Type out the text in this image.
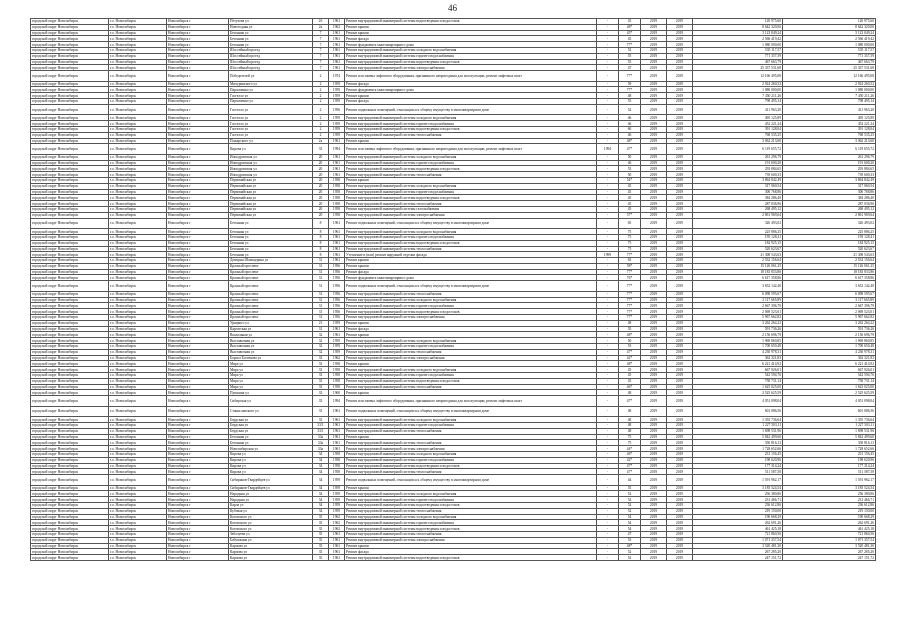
46
городской округ Новосибирск	г.о. Новосибирск	Новосибирск г	Петухова ул	2б	1961	Ремонт внутридомовой инженерной системы водоотведения и водостоков	-	45	2019	2019	120 975,60	120 975,60
городской округ Новосибирск	г.о. Новосибирск	Новосибирск г	Новогодняя ул	2а	1962	Ремонт крыши	-	48*	2019	2019	8 642 320,06	8 642 320,06
городской округ Новосибирск	г.о. Новосибирск	Новосибирск г	Бетонная ул	7	1961	Ремонт крыши	-	45*	2019	2019	3 123 049,24	3 123 049,24
городской округ Новосибирск	г.о. Новосибирск	Новосибирск г	Бетонная ул	7	1961	Ремонт фасада	-	45	2019	2019	2 566 419,42	2 566 419,42
городской округ Новосибирск	г.о. Новосибирск	Новосибирск г	Бетонная ул	7	1961	Ремонт фундамента многоквартирного дома	-	77*	2019	2019	1 080 000,00	1 080 000,00
городской округ Новосибирск	г.о. Новосибирск	Новосибирск г	Шоссейный проезд	7	1961	Ремонт внутридомовой инженерной системы холодного водоснабжения	-	52	2019	2019	535 117,57	535 117,57
городской округ Новосибирск	г.о. Новосибирск	Новосибирск г	Шоссейный проезд	7	1961	Ремонт внутридомовой инженерной системы горячего водоснабжения	-	55	2019	2019	771 357,59	771 357,59
городской округ Новосибирск	г.о. Новосибирск	Новосибирск г	Шоссейный проезд	7	1961	Ремонт внутридомовой инженерной системы водоотведения и водостоков	-	53	2019	2019	467 663,79	467 663,79
городской округ Новосибирск	г.о. Новосибирск	Новосибирск г	Шоссейный проезд	7	1961	Ремонт внутридомовой инженерной системы электроснабжения	-	47	2019	2019	25 337 531,68	25 337 531,68
городской округ Новосибирск	г.о. Новосибирск	Новосибирск г	Победителей ул	2	1974	Ремонт или замена лифтового оборудования, признанного непригодным для эксплуатации, ремонт лифтовых шахт	-	77*	2019	2019	12 166 495,08	12 166 495,08
городской округ Новосибирск	г.о. Новосибирск	Новосибирск г	Мичуринского ул	2	1959	Ремонт фасада	-	59	2019	2019	2 924 260,52	2 924 260,52
городской округ Новосибирск	г.о. Новосибирск	Новосибирск г	Пархоменко ул	2	1959	Ремонт фундамента многоквартирного дома	-	77*	2019	2019	1 080 000,00	1 080 000,00
городской округ Новосибирск	г.о. Новосибирск	Новосибирск г	Гастелло ул	2	1959	Ремонт крыши	-	48	2019	2019	7 450 211,26	7 450 211,26
городской округ Новосибирск	г.о. Новосибирск	Новосибирск г	Пархоменко ул	2	1959	Ремонт фасада	-	55	2019	2019	798 495,14	798 495,14
городской округ Новосибирск	г.о. Новосибирск	Новосибирск г	Гастелло ул	2	1956	Ремонт подвальных помещений, относящихся к общему имуществу в многоквартирном доме	-	52	2019	2019	411 963,20	411 963,20
городской округ Новосибирск	г.о. Новосибирск	Новосибирск г	Гастелло ул	2	1959	Ремонт внутридомовой инженерной системы холодного водоснабжения	-	46	2019	2019	495 125,89	495 125,89
городской округ Новосибирск	г.о. Новосибирск	Новосибирск г	Гастелло ул	2	1959	Ремонт внутридомовой инженерной системы горячего водоснабжения	-	46	2019	2019	452 221,24	452 221,24
городской округ Новосибирск	г.о. Новосибирск	Новосибирск г	Гастелло ул	2	1959	Ремонт внутридомовой инженерной системы водоотведения и водостоков	-	60	2019	2019	391 128,04	391 128,04
городской округ Новосибирск	г.о. Новосибирск	Новосибирск г	Гастелло ул	2	1959	Ремонт внутридомовой инженерной системы теплоснабжения	-	46	2019	2019	768 535,25	768 535,25
городской округ Новосибирск	г.о. Новосибирск	Новосибирск г	Пожарского ул	2а	1961	Ремонт крыши	-	48*	2019	2019	3 062 213,60	3 062 213,60
городской округ Новосибирск	г.о. Новосибирск	Новосибирск г	Кирова ул	33	1994	Ремонт или замена лифтового оборудования, признанного непригодным для эксплуатации, ремонт лифтовых шахт	1994	47*	2019	2019	6 119 655,72	6 119 655,72
городской округ Новосибирск	г.о. Новосибирск	Новосибирск г	Ипподромская ул	20	1961	Ремонт внутридомовой инженерной системы холодного водоснабжения	-	50	2019	2019	261 296,79	261 296,79
городской округ Новосибирск	г.о. Новосибирск	Новосибирск г	Ипподромская ул	20	1961	Ремонт внутридомовой инженерной системы горячего водоснабжения	-	46	2019	2019	191 600,20	191 600,20
городской округ Новосибирск	г.о. Новосибирск	Новосибирск г	Ипподромская ул	20	1961	Ремонт внутридомовой инженерной системы водоотведения и водостоков	-	53	2019	2019	293 884,65	293 884,65
городской округ Новосибирск	г.о. Новосибирск	Новосибирск г	Ипподромская ул	20	1961	Ремонт внутридомовой инженерной системы теплоснабжения	-	50	2019	2019	739 600,33	739 600,33
городской округ Новосибирск	г.о. Новосибирск	Новосибирск г	Первомайская ул	20	1958	Ремонт крыши	-	54*	2019	2019	3 864 842,49	3 864 842,49
городской округ Новосибирск	г.о. Новосибирск	Новосибирск г	Первомайская ул	20	1958	Ремонт внутридомовой инженерной системы холодного водоснабжения	-	45	2019	2019	317 060,54	317 060,54
городской округ Новосибирск	г.о. Новосибирск	Новосибирск г	Первомайская ул	20	1958	Ремонт внутридомовой инженерной системы горячего водоснабжения	-	45	2019	2019	300 768,86	300 768,86
городской округ Новосибирск	г.о. Новосибирск	Новосибирск г	Первомайская ул	20	1958	Ремонт внутридомовой инженерной системы водоотведения и водостоков	-	45	2019	2019	384 286,40	384 286,40
городской округ Новосибирск	г.о. Новосибирск	Новосибирск г	Первомайская ул	20	1958	Ремонт внутридомовой инженерной системы теплоснабжения	-	45	2019	2019	287 036,96	287 036,96
городской округ Новосибирск	г.о. Новосибирск	Новосибирск г	Первомайская ул	20	1958	Ремонт внутридомовой инженерной системы газоснабжения	-	45	2019	2019	268 495,12	268 495,12
городской округ Новосибирск	г.о. Новосибирск	Новосибирск г	Первомайская ул	20	1958	Ремонт внутридомовой инженерной системы электроснабжения	-	57*	2019	2019	2 861 969,64	2 861 969,64
городской округ Новосибирск	г.о. Новосибирск	Новосибирск г	Бетонная ул	8	1961	Ремонт подвальных помещений, относящихся к общему имуществу в многоквартирном доме	-	65	2019	2019	326 493,02	326 493,02
городской округ Новосибирск	г.о. Новосибирск	Новосибирск г	Бетонная ул	8	1961	Ремонт внутридомовой инженерной системы холодного водоснабжения	-	75	2019	2019	225 886,25	225 886,25
городской округ Новосибирск	г.о. Новосибирск	Новосибирск г	Бетонная ул	8	1961	Ремонт внутридомовой инженерной системы горячего водоснабжения	-	75	2019	2019	195 128,41	195 128,41
городской округ Новосибирск	г.о. Новосибирск	Новосибирск г	Бетонная ул	8	1961	Ремонт внутридомовой инженерной системы водоотведения и водостоков	-	75	2019	2019	184 925,15	184 925,15
городской округ Новосибирск	г.о. Новосибирск	Новосибирск г	Бетонная ул	8	1961	Ремонт внутридомовой инженерной системы теплоснабжения	-	75	2019	2019	520 623,67	520 623,67
городской округ Новосибирск	г.о. Новосибирск	Новосибирск г	Бетонная ул	8	1961	Утепление и (или) ремонт наружной отделки фасада	1999	77*	2019	2019	21 308 543,63	21 308 543,63
городской округ Новосибирск	г.о. Новосибирск	Новосибирск г	Дмитрия Шамшурина ул	31	1961	Ремонт крыши	-	65	2019	2019	2 532 156,64	2 532 156,64
городской округ Новосибирск	г.о. Новосибирск	Новосибирск г	Красный проспект	31	1956	Ремонт крыши	-	58*	2019	2019	15 126 061,25	15 126 061,25
городской округ Новосибирск	г.о. Новосибирск	Новосибирск г	Красный проспект	31	1956	Ремонт фасада	-	77*	2019	2019	18 183 833,86	18 183 833,86
городской округ Новосибирск	г.о. Новосибирск	Новосибирск г	Красный проспект	31	1956	Ремонт фундамента многоквартирного дома	-	76*	2019	2019	6 617 358,86	6 617 358,86
городской округ Новосибирск	г.о. Новосибирск	Новосибирск г	Красный проспект	31	1956	Ремонт подвальных помещений, относящихся к общему имуществу в многоквартирном доме	-	77*	2019	2019	3 652 142,40	3 652 142,40
городской округ Новосибирск	г.о. Новосибирск	Новосибирск г	Красный проспект	31	1956	Ремонт внутридомовой инженерной системы теплоснабжения	-	77*	2019	2019	6 098 595,67	6 098 595,67
городской округ Новосибирск	г.о. Новосибирск	Новосибирск г	Красный проспект	31	1956	Ремонт внутридомовой инженерной системы холодного водоснабжения	-	77*	2019	2019	3 117 665,89	3 117 665,89
городской округ Новосибирск	г.о. Новосибирск	Новосибирск г	Красный проспект	31	1956	Ремонт внутридомовой инженерной системы горячего водоснабжения	-	77*	2019	2019	2 667 396,79	2 667 396,79
городской округ Новосибирск	г.о. Новосибирск	Новосибирск г	Красный проспект	31	1956	Ремонт внутридомовой инженерной системы водоотведения и водостоков	-	77*	2019	2019	2 069 523,01	2 069 523,01
городской округ Новосибирск	г.о. Новосибирск	Новосибирск г	Красный проспект	31	1956	Ремонт внутридомовой инженерной системы электроснабжения	-	77*	2019	2019	5 967 662,82	5 967 662,82
городской округ Новосибирск	г.о. Новосибирск	Новосибирск г	Урицкого ул	21	1959	Ремонт крыши	-	48	2019	2019	3 262 264,22	3 262 264,22
городской округ Новосибирск	г.о. Новосибирск	Новосибирск г	Каргатская ул	31	1961	Ремонт фасада	-	55	2019	2019	591 736,26	591 736,26
городской округ Новосибирск	г.о. Новосибирск	Новосибирск г	Вокзальная ул	32	1961	Ремонт крыши	-	48*	2019	2019	2 156 696,79	2 156 696,79
городской округ Новосибирск	г.о. Новосибирск	Новосибирск г	Выставочная ул	32	1959	Ремонт внутридомовой инженерной системы холодного водоснабжения	-	50	2019	2019	1 969 860,85	1 969 860,85
городской округ Новосибирск	г.о. Новосибирск	Новосибирск г	Выставочная ул	32	1959	Ремонт внутридомовой инженерной системы горячего водоснабжения	-	53	2019	2019	1 700 650,48	1 700 650,48
городской округ Новосибирск	г.о. Новосибирск	Новосибирск г	Выставочная ул	32	1959	Ремонт внутридомовой инженерной системы теплоснабжения	-	47*	2019	2019	4 230 978,31	4 230 978,31
городской округ Новосибирск	г.о. Новосибирск	Новосибирск г	Бориса Богаткова ул	33	1962	Ремонт внутридомовой инженерной системы электроснабжения	-	42*	2019	2019	362 321,83	362 321,83
городской округ Новосибирск	г.о. Новосибирск	Новосибирск г	Мира ул	33	1958	Ремонт крыши	-	48*	2019	2019	6 221 414,92	6 221 414,92
городской округ Новосибирск	г.о. Новосибирск	Новосибирск г	Мира ул	33	1958	Ремонт внутридомовой инженерной системы холодного водоснабжения	-	45	2019	2019	667 926,01	667 926,01
городской округ Новосибирск	г.о. Новосибирск	Новосибирск г	Мира ул	33	1958	Ремонт внутридомовой инженерной системы горячего водоснабжения	-	45	2019	2019	542 594,76	542 594,76
городской округ Новосибирск	г.о. Новосибирск	Новосибирск г	Мира ул	33	1958	Ремонт внутридомовой инженерной системы водоотведения и водостоков	-	45	2019	2019	758 731,14	758 731,14
городской округ Новосибирск	г.о. Новосибирск	Новосибирск г	Мира ул	33	1958	Ремонт внутридомовой инженерной системы теплоснабжения	-	46*	2019	2019	1 625 025,00	1 625 025,00
городской округ Новосибирск	г.о. Новосибирск	Новосибирск г	Пушкина ул	33	1960	Ремонт крыши	-	48	2019	2019	2 525 625,59	2 525 625,59
городской округ Новосибирск	г.о. Новосибирск	Новосибирск г	Сибирская ул	33	1994	Ремонт или замена лифтового оборудования, признанного непригодным для эксплуатации, ремонт лифтовых шахт	-	47*	2019	2019	4 051 098,04	4 051 098,04
городской округ Новосибирск	г.о. Новосибирск	Новосибирск г	Станиславского ул	33	1961	Ремонт подвальных помещений, относящихся к общему имуществу в многоквартирном доме	-	48	2019	2019	601 086,56	601 086,56
городской округ Новосибирск	г.о. Новосибирск	Новосибирск г	Бердская ул	33	1961	Ремонт внутридомовой инженерной системы холодного водоснабжения	-	48	2019	2019	1 355 736,64	1 355 736,64
городской округ Новосибирск	г.о. Новосибирск	Новосибирск г	Бердская ул	33/1	1961	Ремонт внутридомовой инженерной системы горячего водоснабжения	-	48	2019	2019	1 227 503,11	1 227 503,11
городской округ Новосибирск	г.о. Новосибирск	Новосибирск г	Бердская ул	33/1	1961	Ремонт внутридомовой инженерной системы теплоснабжения	-	48	2019	2019	1 698 531,96	1 698 531,96
городской округ Новосибирск	г.о. Новосибирск	Новосибирск г	Бетонная ул	33а	1961	Ремонт крыши	-	75	2019	2019	5 842 499,60	5 842 499,60
городской округ Новосибирск	г.о. Новосибирск	Новосибирск г	Бетонная ул	33а	1961	Ремонт внутридомовой инженерной системы теплоснабжения	-	75	2019	2019	350 816,13	350 816,13
городской округ Новосибирск	г.о. Новосибирск	Новосибирск г	Новосибирская ул	33а	1961	Ремонт внутридомовой инженерной системы электроснабжения	-	44*	2019	2019	1 728 652,66	1 728 652,66
городской округ Новосибирск	г.о. Новосибирск	Новосибирск г	Кирова ул	34	1958	Ремонт внутридомовой инженерной системы холодного водоснабжения	-	46*	2019	2019	231 156,45	231 156,45
городской округ Новосибирск	г.о. Новосибирск	Новосибирск г	Кирова ул	34	1958	Ремонт внутридомовой инженерной системы горячего водоснабжения	-	42*	2019	2019	198 620,96	198 620,96
городской округ Новосибирск	г.о. Новосибирск	Новосибирск г	Кирова ул	34	1958	Ремонт внутридомовой инженерной системы водоотведения и водостоков	-	47*	2019	2019	177 314,24	177 314,24
городской округ Новосибирск	г.о. Новосибирск	Новосибирск г	Кирова ул	34	1958	Ремонт внутридомовой инженерной системы теплоснабжения	-	47*	2019	2019	511 587,58	511 587,58
городской округ Новосибирск	г.о. Новосибирск	Новосибирск г	Сибиряков-Гвардейцев ул	34	1959	Ремонт подвальных помещений, относящихся к общему имуществу в многоквартирном доме	-	44	2019	2019	1 591 962,17	1 591 962,17
городской округ Новосибирск	г.о. Новосибирск	Новосибирск г	Сибиряков-Гвардейцев ул	34	1959	Ремонт крыши	-	55	2019	2019	3 185 524,54	3 185 524,54
городской округ Новосибирск	г.о. Новосибирск	Новосибирск г	Народная ул	34	1959	Ремонт внутридомовой инженерной системы холодного водоснабжения	-	52	2019	2019	256 380,86	256 380,86
городской округ Новосибирск	г.о. Новосибирск	Новосибирск г	Народная ул	34	1959	Ремонт внутридомовой инженерной системы горячего водоснабжения	-	52	2019	2019	231 466,71	231 466,71
городской округ Новосибирск	г.о. Новосибирск	Новосибирск г	Карла ул	34	1959	Ремонт внутридомовой инженерной системы водоотведения и водостоков	-	52	2019	2019	236 612,86	236 612,86
городской округ Новосибирск	г.о. Новосибирск	Новосибирск г	Кубовая ул	34	1959	Ремонт внутридомовой инженерной системы теплоснабжения	-	52	2019	2019	219 150,00	219 150,00
городской округ Новосибирск	г.о. Новосибирск	Новосибирск г	Котовского ул	35	1962	Ремонт внутридомовой инженерной системы холодного водоснабжения	-	54	2019	2019	190 668,29	190 668,29
городской округ Новосибирск	г.о. Новосибирск	Новосибирск г	Котовского ул	35	1962	Ремонт внутридомовой инженерной системы горячего водоснабжения	-	54	2019	2019	262 691,26	262 691,26
городской округ Новосибирск	г.о. Новосибирск	Новосибирск г	Котовского ул	35	1962	Ремонт внутридомовой инженерной системы водоотведения и водостоков	-	54	2019	2019	461 425,18	461 425,18
городской округ Новосибирск	г.о. Новосибирск	Новосибирск г	Забалуева ул	35	1961	Ремонт внутридомовой инженерной системы теплоснабжения	-	47	2019	2019	721 860,56	721 860,56
городской округ Новосибирск	г.о. Новосибирск	Новосибирск г	Бабушкина ул	35	1961	Ремонт внутридомовой инженерной системы электроснабжения	-	53	2019	2019	1 071 357,54	1 071 357,54
городской округ Новосибирск	г.о. Новосибирск	Новосибирск г	Карпова ул	35	1961	Ремонт крыши	-	48*	2019	2019	3 520 481,30	3 520 481,30
городской округ Новосибирск	г.о. Новосибирск	Новосибирск г	Карпова ул	35	1961	Ремонт фасада	-	52	2019	2019	267 285,20	267 285,20
городской округ Новосибирск	г.о. Новосибирск	Новосибирск г	Карпова ул	35	1961	Ремонт внутридомовой инженерной системы водоотведения и водостоков	-	52	2019	2019	247 151,72	247 151,72
